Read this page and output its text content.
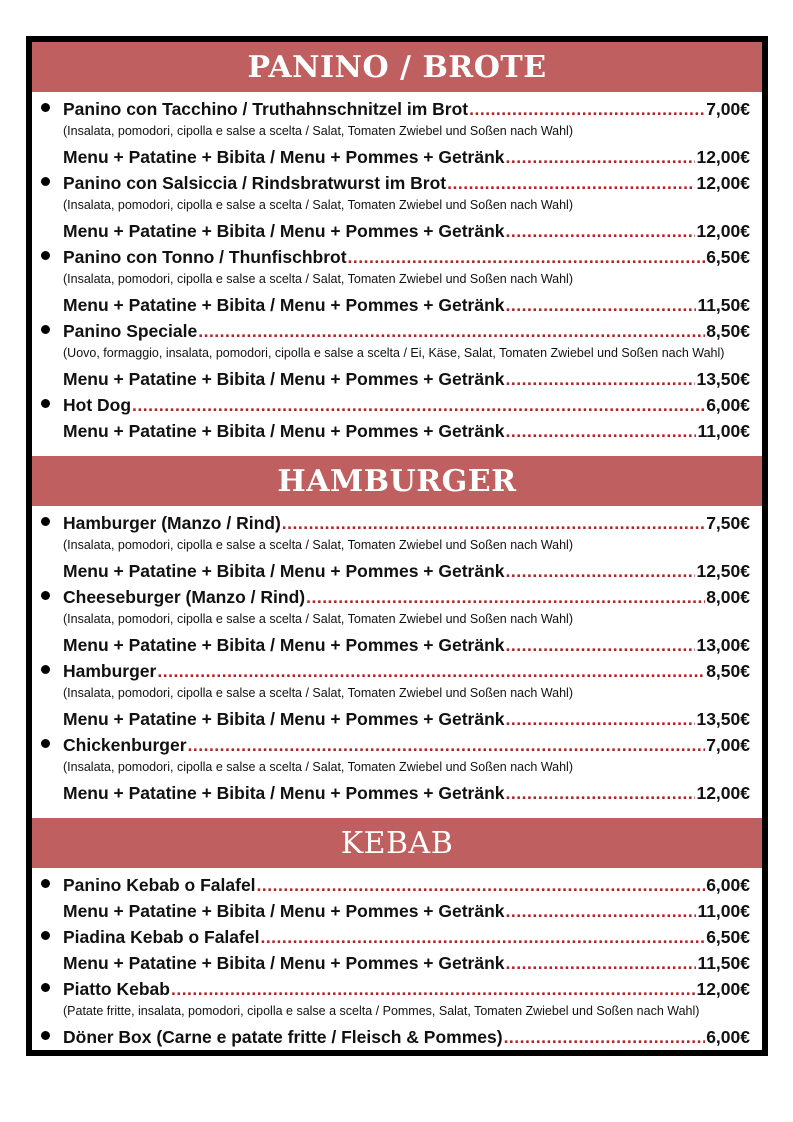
PANINO / BROTE
Panino con Tacchino / Truthahnschnitzel im Brot .....	7,00€
(Insalata, pomodori, cipolla e salse a scelta / Salat, Tomaten Zwiebel und Soßen nach Wahl)
Menu + Patatine + Bibita / Menu + Pommes + Getränk .....	12,00€
Panino con Salsiccia / Rindsbratwurst im Brot .....	12,00€
(Insalata, pomodori, cipolla e salse a scelta / Salat, Tomaten Zwiebel und Soßen nach Wahl)
Menu + Patatine + Bibita / Menu + Pommes + Getränk .....	12,00€
Panino con Tonno / Thunfischbrot .....	6,50€
(Insalata, pomodori, cipolla e salse a scelta / Salat, Tomaten Zwiebel und Soßen nach Wahl)
Menu + Patatine + Bibita / Menu + Pommes + Getränk .....	11,50€
Panino Speciale .....	8,50€
(Uovo, formaggio, insalata, pomodori, cipolla e salse a scelta / Ei, Käse, Salat, Tomaten Zwiebel und Soßen nach Wahl)
Menu + Patatine + Bibita / Menu + Pommes + Getränk .....	13,50€
Hot Dog .....	6,00€
Menu + Patatine + Bibita / Menu + Pommes + Getränk .....	11,00€
HAMBURGER
Hamburger (Manzo / Rind) .....	7,50€
(Insalata, pomodori, cipolla e salse a scelta / Salat, Tomaten Zwiebel und Soßen nach Wahl)
Menu + Patatine + Bibita / Menu + Pommes + Getränk .....	12,50€
Cheeseburger (Manzo / Rind) .....	8,00€
(Insalata, pomodori, cipolla e salse a scelta / Salat, Tomaten Zwiebel und Soßen nach Wahl)
Menu + Patatine + Bibita / Menu + Pommes + Getränk .....	13,00€
Hamburger .....	8,50€
(Insalata, pomodori, cipolla e salse a scelta / Salat, Tomaten Zwiebel und Soßen nach Wahl)
Menu + Patatine + Bibita / Menu + Pommes + Getränk .....	13,50€
Chickenburger .....	7,00€
(Insalata, pomodori, cipolla e salse a scelta / Salat, Tomaten Zwiebel und Soßen nach Wahl)
Menu + Patatine + Bibita / Menu + Pommes + Getränk .....	12,00€
KEBAB
Panino Kebab o Falafel .....	6,00€
Menu + Patatine + Bibita / Menu + Pommes + Getränk .....	11,00€
Piadina Kebab o Falafel .....	6,50€
Menu + Patatine + Bibita / Menu + Pommes + Getränk .....	11,50€
Piatto Kebab .....	12,00€
(Patate fritte, insalata, pomodori, cipolla e salse a scelta / Pommes, Salat, Tomaten Zwiebel und Soßen nach Wahl)
Döner Box (Carne e patate fritte / Fleisch & Pommes) .....	6,00€
